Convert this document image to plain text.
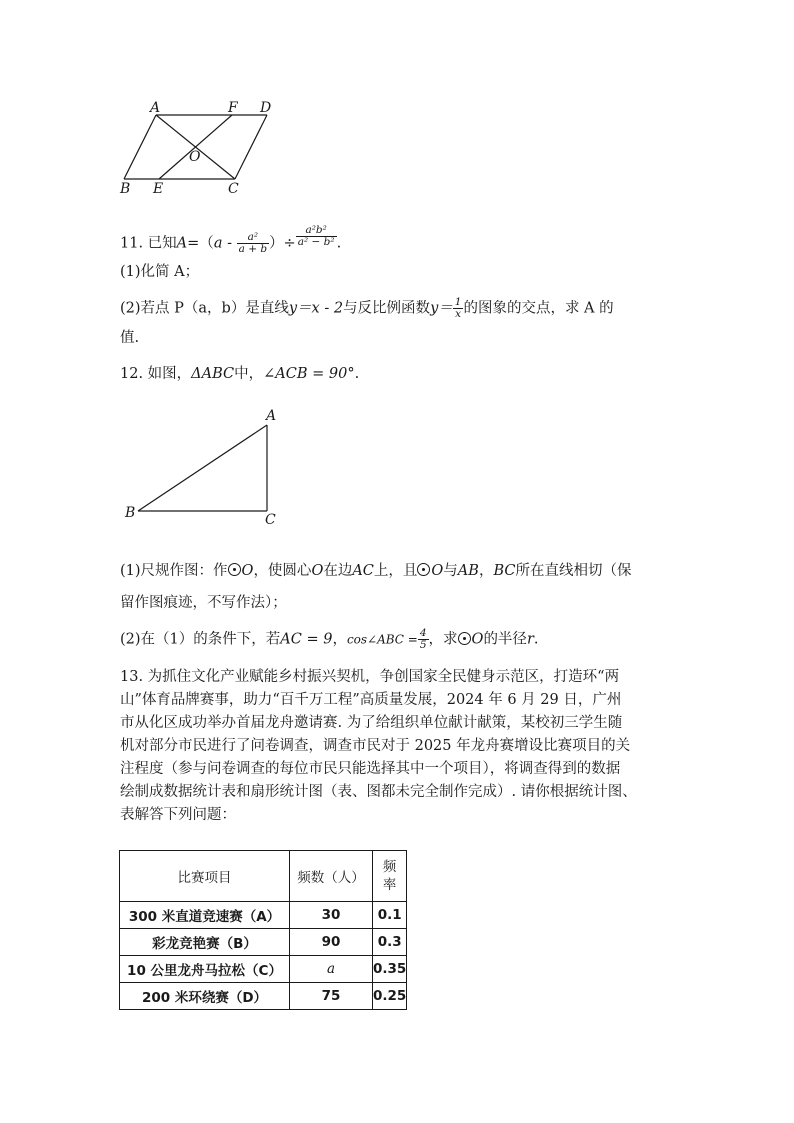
A	F D
O
B E	C
11. 已知$A=(a - \frac{\text{a²}}{a + b}$ ）÷ $\frac{\text{a²b²}}{\text{a² − b²}}$ .
(1)化简 A；
(2)若点 P（a，b）是直线y＝x - 2与反比例函数$y= \frac{1}{x}$ 的图象的交点，求 A 的
值.
12. 如图，ΔABC中，∠ACB = 90°.
A
B	C
(1)尺规作图：作 O，使圆心O在边AC上，且 O与AB，BC所在直线相切（保
留作图痕迹，不写作法）；
(2)在（1）的条件下，若AC = 9，cos∠ABC = $\frac{4}{5}$ ，求 O的半径r.
13. 为抓住文化产业赋能乡村振兴契机，争创国家全民健身示范区，打造环“两
山”体育品牌赛事，助力“百千万工程”高质量发展，2024 年 6 月 29 日，广州
市从化区成功举办首届龙舟邀请赛. 为了给组织单位献计献策，某校初三学生随
机对部分市民进行了问卷调查，调查市民对于 2025 年龙舟赛增设比赛项目的关
注程度（参与问卷调查的每位市民只能选择其中一个项目），将调查得到的数据
绘制成数据统计表和扇形统计图（表、图都未完全制作完成）. 请你根据统计图、
表解答下列问题：
比赛项目	频数（人）	频率
300 米直道竞速赛（A）	30	0.1
彩龙竞艳赛（B）	90	0.3
10 公里龙舟马拉松（C）	a	0.35
200 米环绕赛（D）	75	0.25
